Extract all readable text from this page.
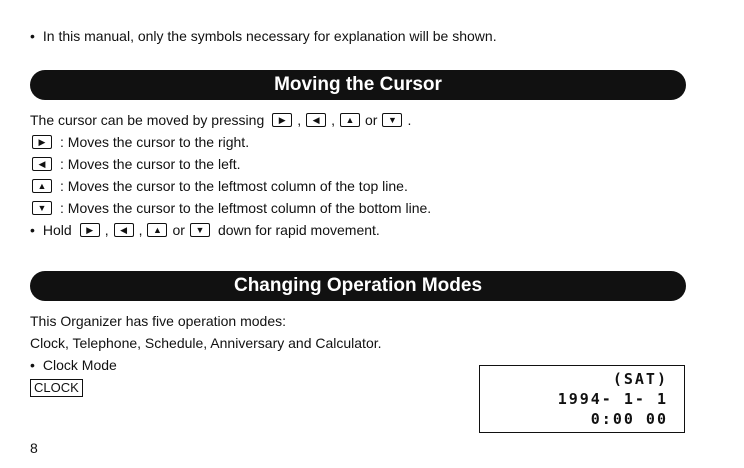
• In this manual, only the symbols necessary for explanation will be shown.
Moving the Cursor
The cursor can be moved by pressing	▶ ,	◀ ,	▲ or	▼ .
▶	: Moves the cursor to the right.
◀	: Moves the cursor to the left.
▲ : Moves the cursor to the leftmost column of the top line.
▼ : Moves the cursor to the leftmost column of the bottom line.
• Hold	▶ ,	◀ ,	▲ or	▼ down for rapid movement.
Changing Operation Modes
This Organizer has five operation modes:
Clock, Telephone, Schedule, Anniversary and Calculator.
• Clock Mode
CLOCK	(SAT)
1994- 1- 1
0:00 00
8
